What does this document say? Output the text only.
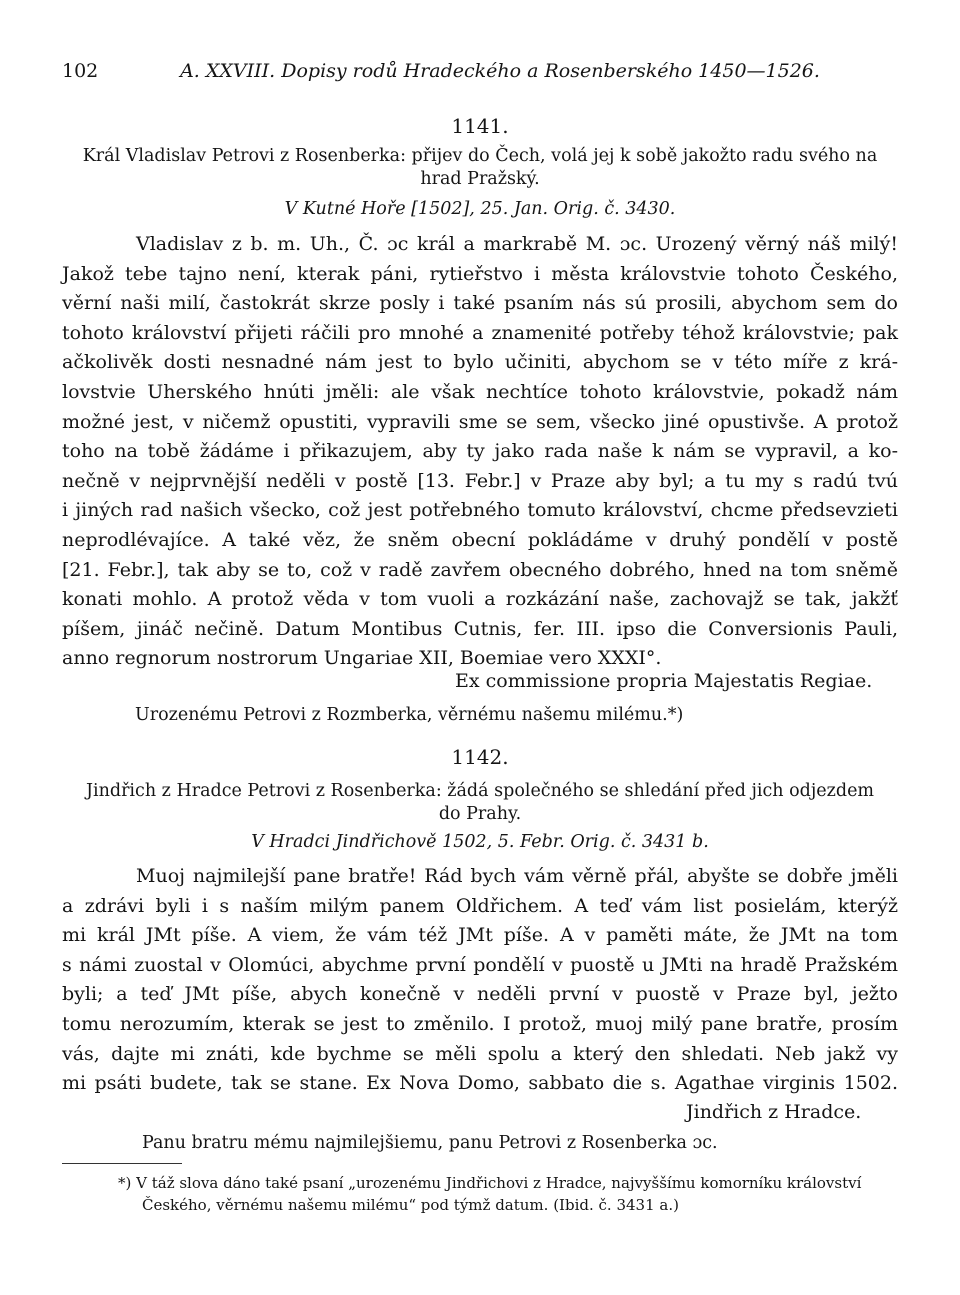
102	A. XXVIII. Dopisy rodů Hradeckého a Rosenberského 1450—1526.
1141.
Král Vladislav Petrovi z Rosenberka: přijev do Čech, volá jej k sobě jakožto radu svého na
hrad Pražský.
V Kutné Hoře [1502], 25. Jan. Orig. č. 3430.
Vladislav z b. m. Uh., Č. ɔc král a markrabě M. ɔc. Urozený věrný náš milý!
Jakož tebe tajno není, kterak páni, rytieřstvo i města královstvie tohoto Českého,
věrní naši milí, častokrát skrze posly i také psaním nás sú prosili, abychom sem do
tohoto království přijeti ráčili pro mnohé a znamenité potřeby téhož královstvie; pak
ačkolivěk dosti nesnadné nám jest to bylo učiniti, abychom se v této míře z krá-
lovstvie Uherského hnúti jměli: ale však nechtíce tohoto královstvie, pokadž nám
možné jest, v ničemž opustiti, vypravili sme se sem, všecko jiné opustivše. A protož
toho na tobě žádáme i přikazujem, aby ty jako rada naše k nám se vypravil, a ko-
nečně v nejprvnější neděli v postě [13. Febr.] v Praze aby byl; a tu my s radú tvú
i jiných rad našich všecko, což jest potřebného tomuto království, chcme předsevzieti
neprodlévajíce. A také věz, že sněm obecní pokládáme v druhý pondělí v postě
[21. Febr.], tak aby se to, což v radě zavřem obecného dobrého, hned na tom sněmě
konati mohlo. A protož věda v tom vuoli a rozkázání naše, zachovajž se tak, jakžť
píšem, jináč nečině. Datum Montibus Cutnis, fer. III. ipso die Conversionis Pauli,
anno regnorum nostrorum Ungariae XII, Boemiae vero XXXI°.
Ex commissione propria Majestatis Regiae.
Urozenému Petrovi z Rozmberka, věrnému našemu milému.*)
1142.
Jindřich z Hradce Petrovi z Rosenberka: žádá společného se shledání před jich odjezdem
do Prahy.
V Hradci Jindřichově 1502, 5. Febr. Orig. č. 3431 b.
Muoj najmilejší pane bratře! Rád bych vám věrně přál, abyšte se dobře jměli
a zdrávi byli i s naším milým panem Oldřichem. A teď vám list posielám, kterýž
mi král JMt píše. A viem, že vám též JMt píše. A v paměti máte, že JMt na tom
s námi zuostal v Olomúci, abychme první pondělí v puostě u JMti na hradě Pražském
byli; a teď JMt píše, abych konečně v neděli první v puostě v Praze byl, ježto
tomu nerozumím, kterak se jest to změnilo. I protož, muoj milý pane bratře, prosím
vás, dajte mi znáti, kde bychme se měli spolu a který den shledati. Neb jakž vy
mi psáti budete, tak se stane. Ex Nova Domo, sabbato die s. Agathae virginis 1502.
Jindřich z Hradce.
Panu bratru mému najmilejšiemu, panu Petrovi z Rosenberka ɔc.
*) V táž slova dáno také psaní „urozenému Jindřichovi z Hradce, najvyššímu komorníku království
Českého, věrnému našemu milému“ pod týmž datum. (Ibid. č. 3431 a.)
